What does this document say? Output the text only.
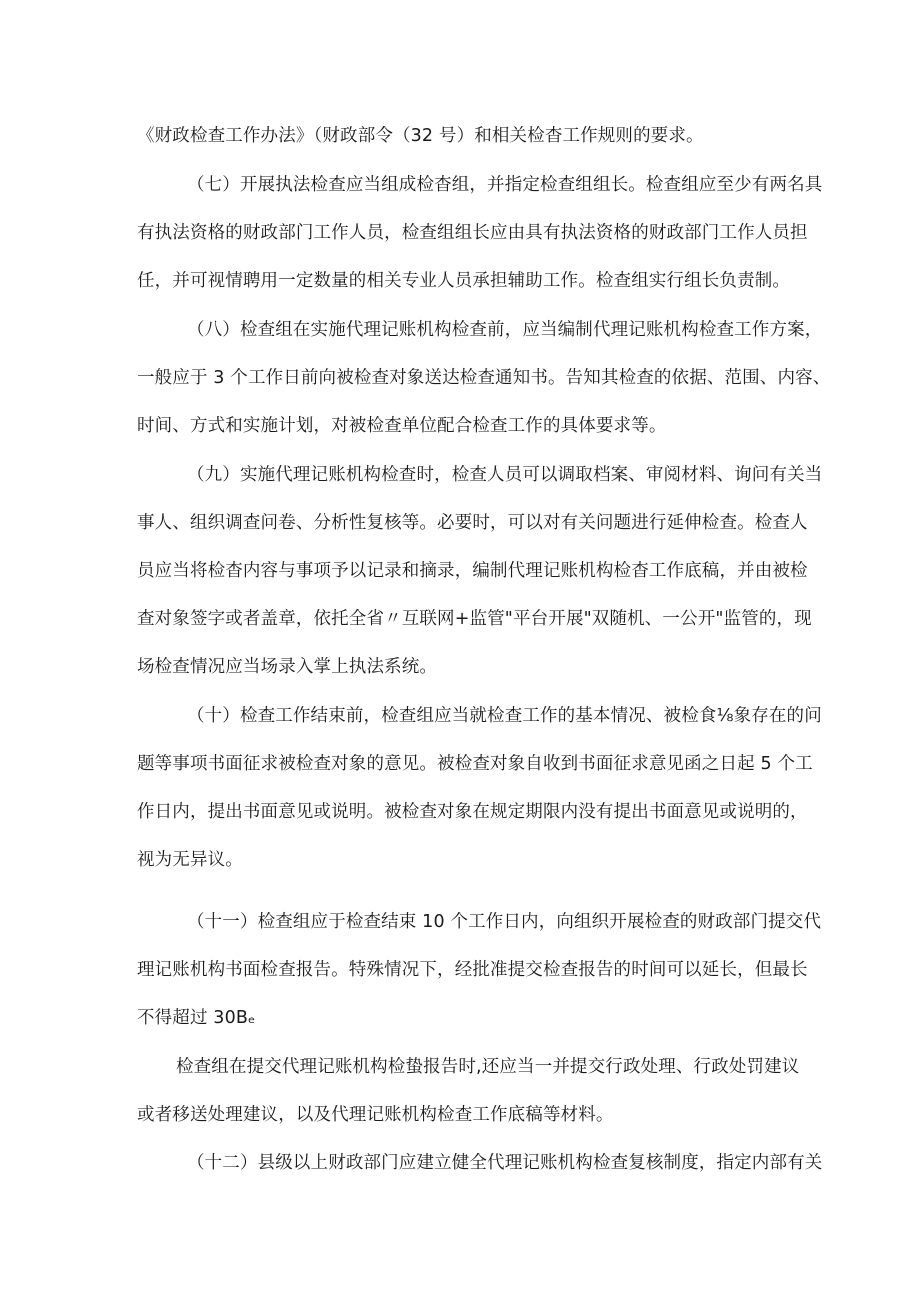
《财政检查工作办法》（财政部令（32 号）和相关检杳工作规则的要求。

（七）开展执法检查应当组成检杳组，并指定检查组组长。检查组应至少有两名具

有执法资格的财政部门工作人员，检查组组长应由具有执法资格的财政部门工作人员担

任，并可视情聘用一定数量的相关专业人员承担辅助工作。检查组实行组长负责制。

（八）检查组在实施代理记账机构检查前，应当编制代理记账机构检查工作方案，

一般应于 3 个工作日前向被检查对象送达检查通知书。告知其检查的依据、范围、内容、

时间、方式和实施计划，对被检查单位配合检查工作的具体要求等。

（九）实施代理记账机构检查时，检查人员可以调取档案、审阅材料、询问有关当

事人、组织调查问卷、分析性复核等。必要时，可以对有关问题进行延伸检查。检查人

员应当将检杳内容与事项予以记录和摘录，编制代理记账机构检杳工作底稿，并由被检

查对象签字或者盖章，依托全省〃互联网+监管"平台开展"双随机、一公开"监管的，现

场检查情况应当场录入掌上执法系统。

（十）检查工作结束前，检查组应当就检查工作的基本情况、被检食⅛象存在的问

题等事项书面征求被检查对象的意见。被检查对象自收到书面征求意见函之日起 5 个工

作日内，提出书面意见或说明。被检查对象在规定期限内没有提出书面意见或说明的，

视为无异议。

（十一）检查组应于检查结束 10 个工作日内，向组织开展检查的财政部门提交代

理记账机构书面检查报告。特殊情况下，经批准提交检查报告的时间可以延长，但最长

不得超过 30Bₑ

检查组在提交代理记账机构检蛰报告时,还应当一并提交行政处理、行政处罚建议

或者移送处理建议，以及代理记账机构检查工作底稿等材料。

（十二）县级以上财政部门应建立健全代理记账机构检查复核制度，指定内部有关
